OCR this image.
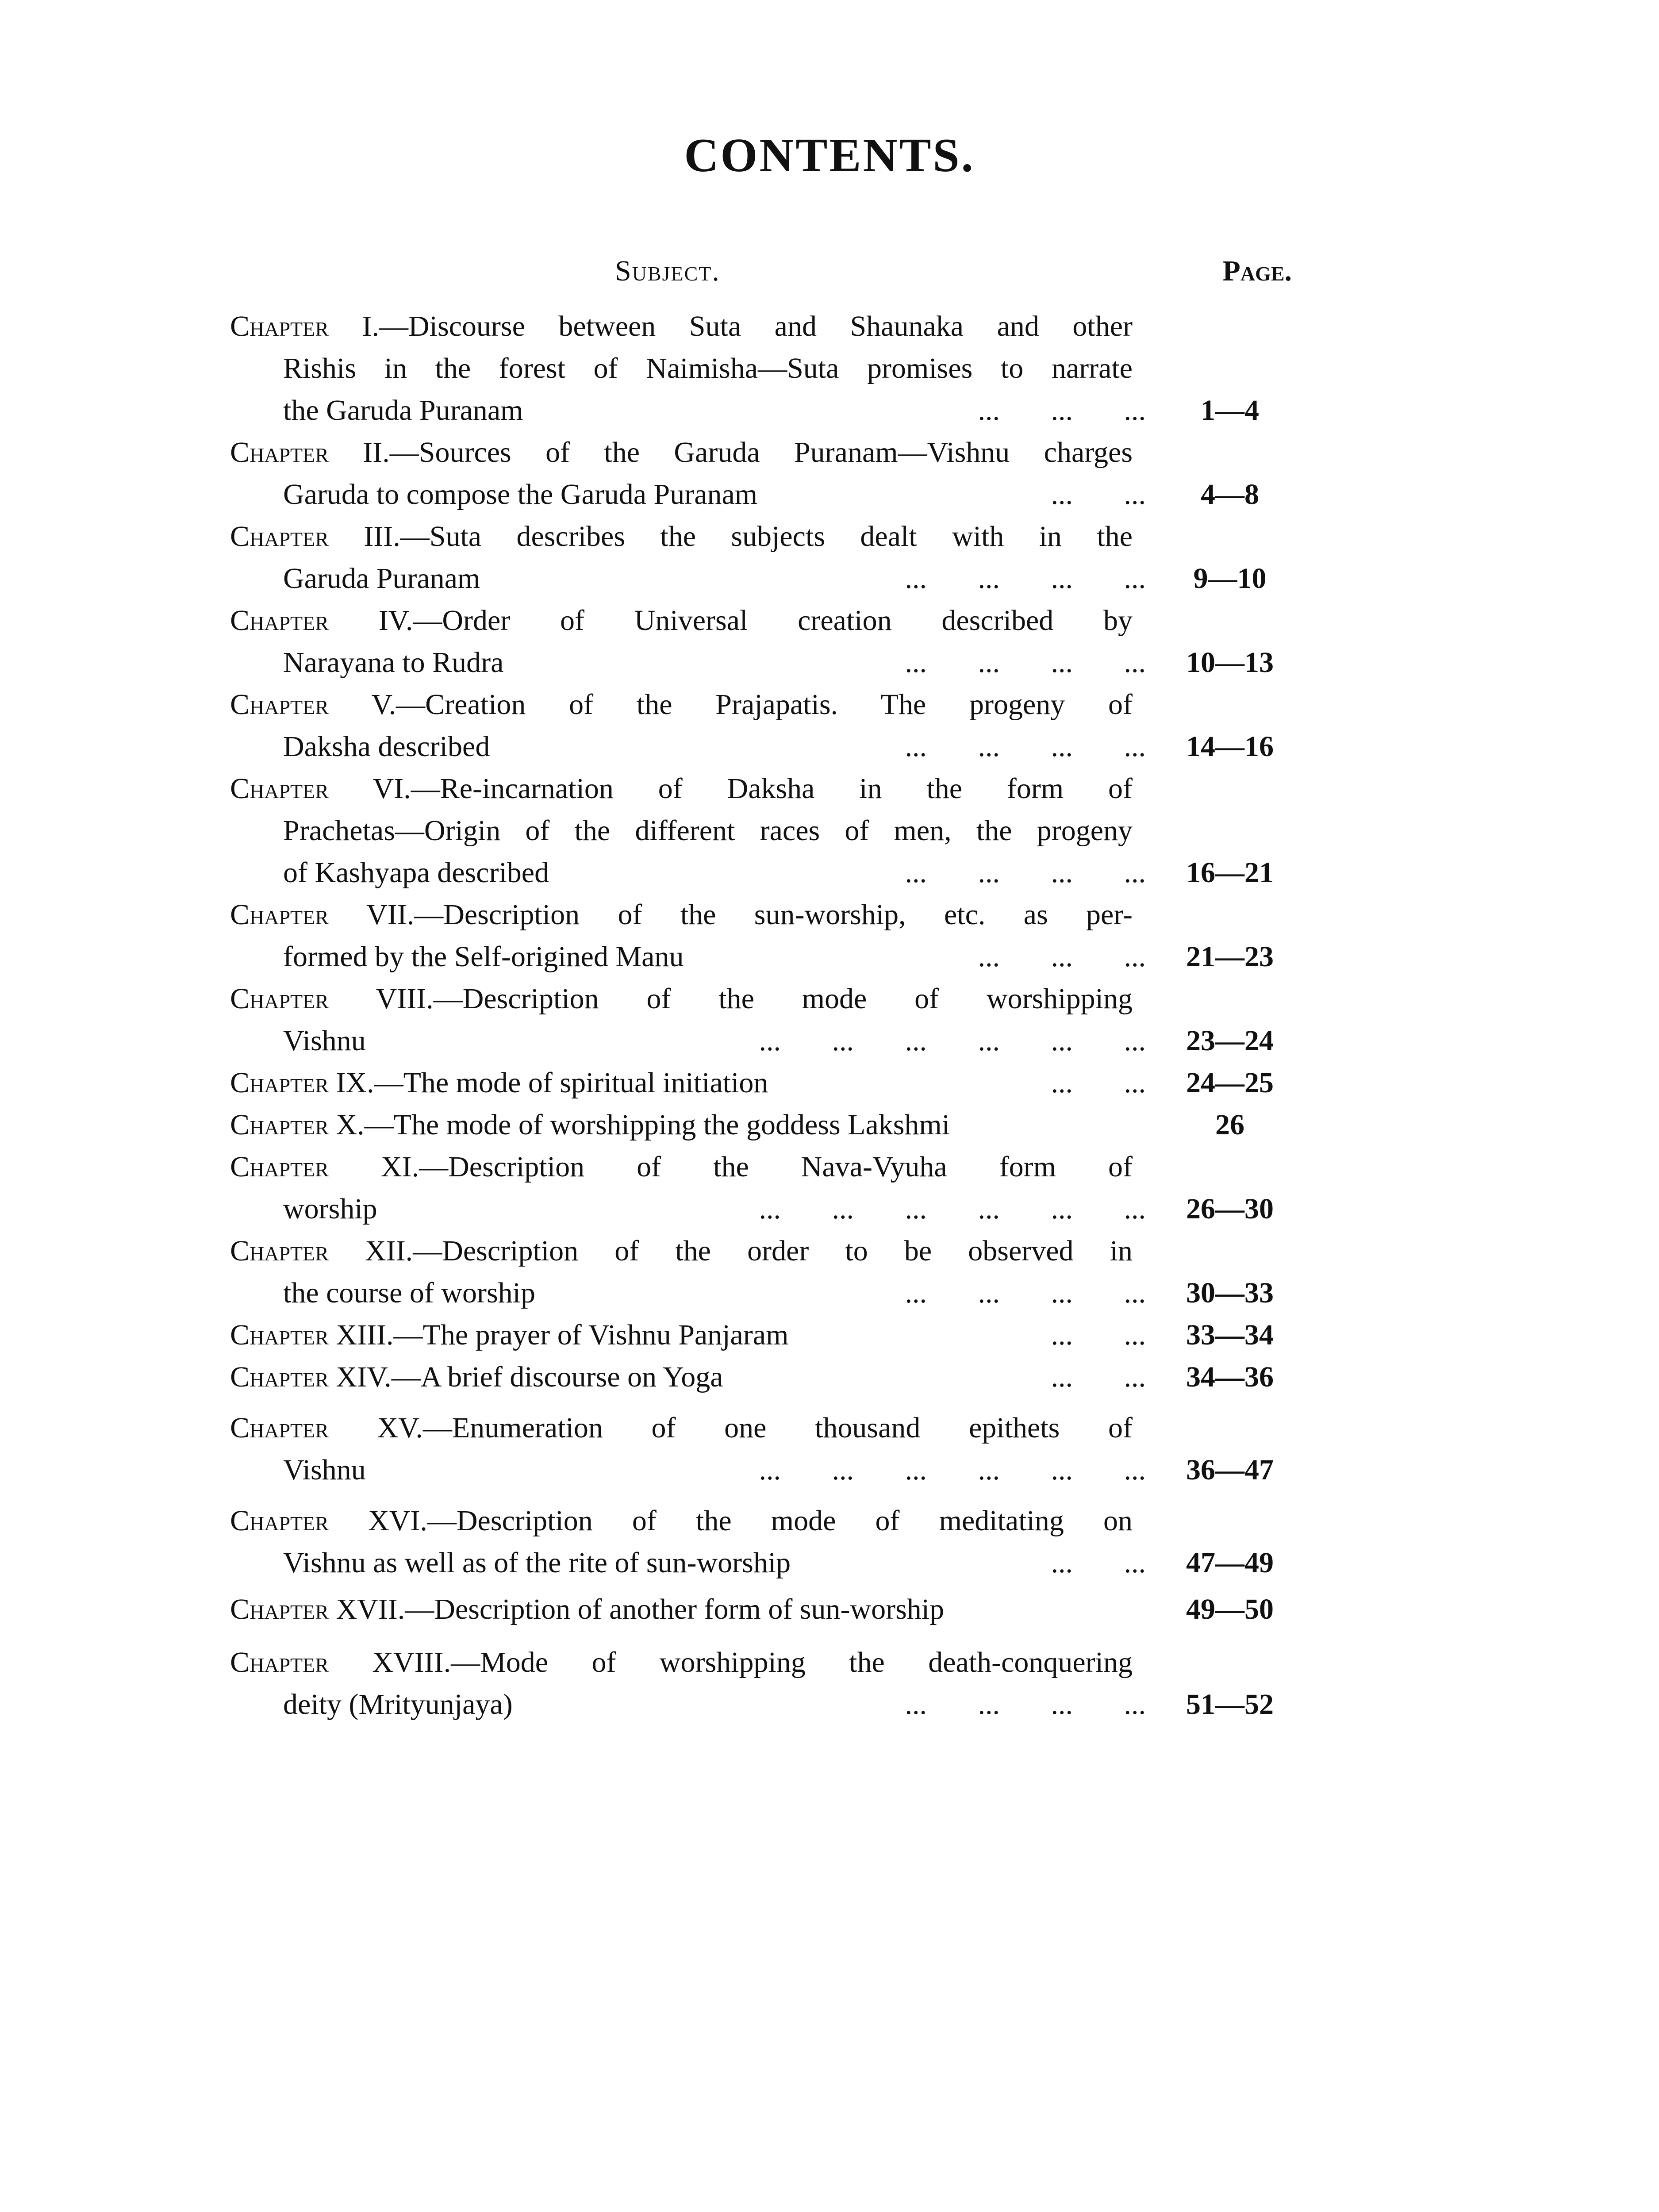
CONTENTS.
Subject.	Page.
Chapter I.—Discourse between Suta and Shaunaka and other
Rishis in the forest of Naimisha—Suta promises to narrate
the Garuda Puranam	...       ...       ...	1—4
Chapter II.—Sources of the Garuda Puranam—Vishnu charges
Garuda to compose the Garuda Puranam	...       ...	4—8
Chapter III.—Suta describes the subjects dealt with in the
Garuda Puranam	...       ...       ...       ...	9—10
Chapter IV.—Order of Universal creation described by
Narayana to Rudra	...       ...       ...       ...	10—13
Chapter V.—Creation of the Prajapatis. The progeny of
Daksha described	...       ...       ...       ...	14—16
Chapter VI.—Re-incarnation of Daksha in the form of
Prachetas—Origin of the different races of men, the progeny
of Kashyapa described	...       ...       ...       ...	16—21
Chapter VII.—Description of the sun-worship, etc. as per-
formed by the Self-origined Manu	...       ...       ...	21—23
Chapter VIII.—Description of the mode of worshipping
Vishnu	...       ...       ...       ...       ...       ...	23—24
Chapter IX.—The mode of spiritual initiation	...       ...	24—25
Chapter X.—The mode of worshipping the goddess Lakshmi	26
Chapter XI.—Description of the Nava-Vyuha form of
worship	...       ...       ...       ...       ...       ...	26—30
Chapter XII.—Description of the order to be observed in
the course of worship	...       ...       ...       ...	30—33
Chapter XIII.—The prayer of Vishnu Panjaram	...       ...	33—34
Chapter XIV.—A brief discourse on Yoga	...       ...	34—36
Chapter XV.—Enumeration of one thousand epithets of
Vishnu	...       ...       ...       ...       ...       ...	36—47
Chapter XVI.—Description of the mode of meditating on
Vishnu as well as of the rite of sun-worship	...       ...	47—49
Chapter XVII.—Description of another form of sun-worship	49—50
Chapter XVIII.—Mode of worshipping the death-conquering
deity (Mrityunjaya)	...       ...       ...       ...	51—52
